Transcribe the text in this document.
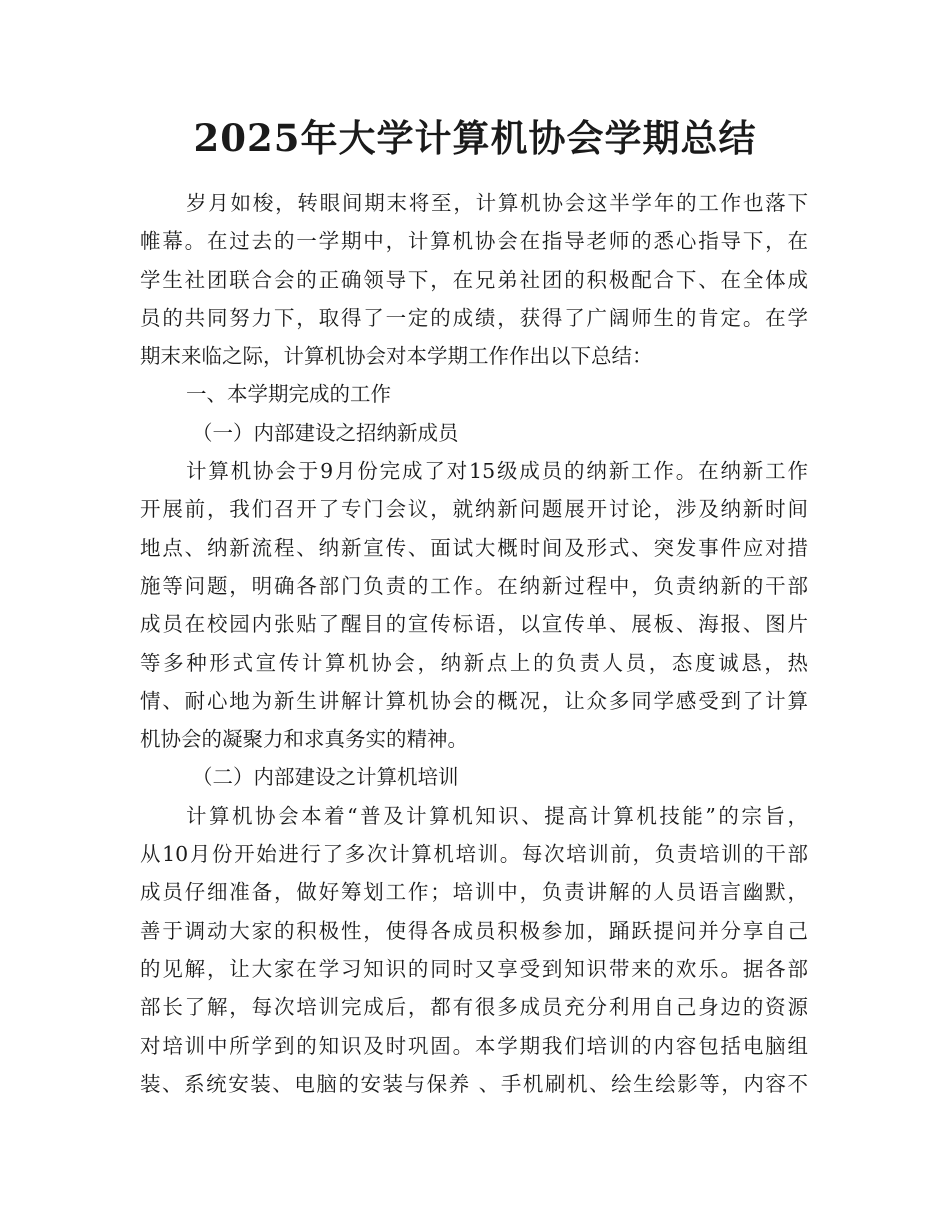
2025年大学计算机协会学期总结
岁月如梭，转眼间期末将至，计算机协会这半学年的工作也落下
帷幕。在过去的一学期中，计算机协会在指导老师的悉心指导下，在
学生社团联合会的正确领导下，在兄弟社团的积极配合下、在全体成
员的共同努力下，取得了一定的成绩，获得了广阔师生的肯定。在学
期末来临之际，计算机协会对本学期工作作出以下总结：
一、本学期完成的工作
（一）内部建设之招纳新成员
计算机协会于9月份完成了对15级成员的纳新工作。在纳新工作
开展前，我们召开了专门会议，就纳新问题展开讨论，涉及纳新时间
地点、纳新流程、纳新宣传、面试大概时间及形式、突发事件应对措
施等问题，明确各部门负责的工作。在纳新过程中，负责纳新的干部
成员在校园内张贴了醒目的宣传标语，以宣传单、展板、海报、图片
等多种形式宣传计算机协会，纳新点上的负责人员，态度诚恳，热
情、耐心地为新生讲解计算机协会的概况，让众多同学感受到了计算
机协会的凝聚力和求真务实的精神。
（二）内部建设之计算机培训
计算机协会本着“普及计算机知识、提高计算机技能”的宗旨，
从10月份开始进行了多次计算机培训。每次培训前，负责培训的干部
成员仔细准备，做好筹划工作；培训中，负责讲解的人员语言幽默，
善于调动大家的积极性，使得各成员积极参加，踊跃提问并分享自己
的见解，让大家在学习知识的同时又享受到知识带来的欢乐。据各部
部长了解，每次培训完成后，都有很多成员充分利用自己身边的资源
对培训中所学到的知识及时巩固。本学期我们培训的内容包括电脑组
装、系统安装、电脑的安装与保养 、手机刷机、绘生绘影等，内容不
